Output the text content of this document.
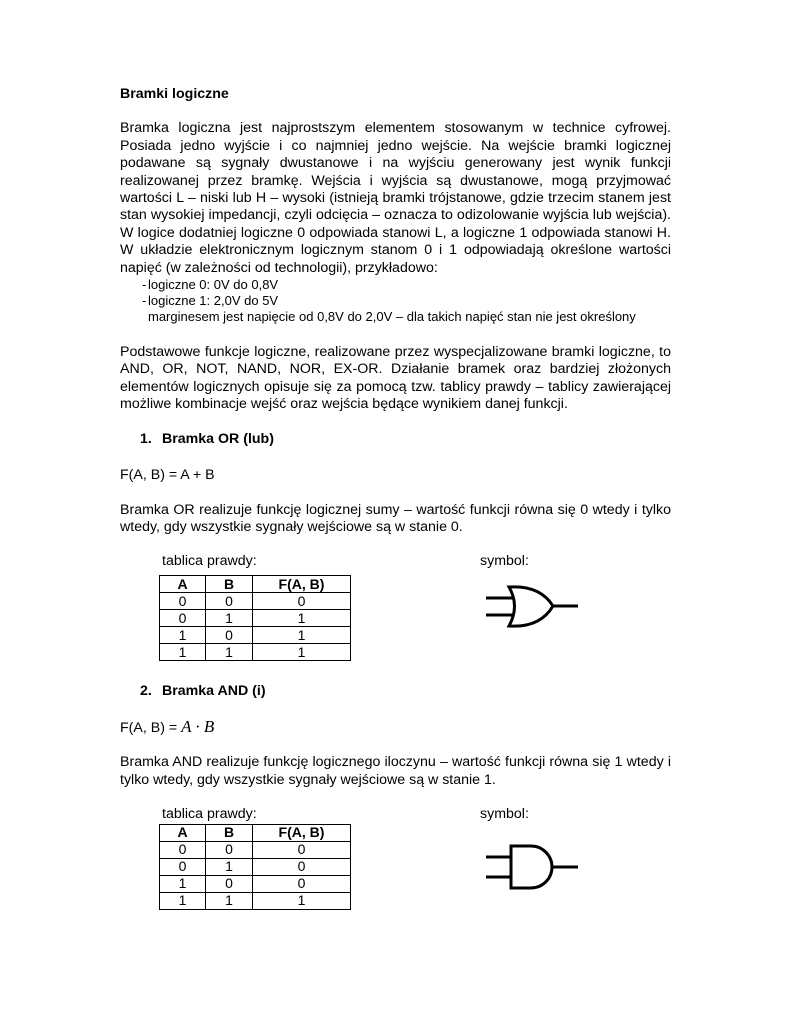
Bramki logiczne

Bramka logiczna jest najprostszym elementem stosowanym w technice cyfrowej. Posiada jedno wyjście i co najmniej jedno wejście. Na wejście bramki logicznej podawane są sygnały dwustanowe i na wyjściu generowany jest wynik funkcji realizowanej przez bramkę. Wejścia i wyjścia są dwustanowe, mogą przyjmować wartości L – niski lub H – wysoki (istnieją bramki trójstanowe, gdzie trzecim stanem jest stan wysokiej impedancji, czyli odcięcia – oznacza to odizolowanie wyjścia lub wejścia). W logice dodatniej logiczne 0 odpowiada stanowi L, a logiczne 1 odpowiada stanowi H. W układzie elektronicznym logicznym stanom 0 i 1 odpowiadają określone wartości napięć (w zależności od technologii), przykładowo:

- logiczne 0: 0V do 0,8V
- logiczne 1: 2,0V do 5V
marginesem jest napięcie od 0,8V do 2,0V – dla takich napięć stan nie jest określony

Podstawowe funkcje logiczne, realizowane przez wyspecjalizowane bramki logiczne, to AND, OR, NOT, NAND, NOR, EX-OR. Działanie bramek oraz bardziej złożonych elementów logicznych opisuje się za pomocą tzw. tablicy prawdy – tablicy zawierającej możliwe kombinacje wejść oraz wejścia będące wynikiem danej funkcji.

1. Bramka OR (lub)

F(A, B) = A + B

Bramka OR realizuje funkcję logicznej sumy – wartość funkcji równa się 0 wtedy i tylko wtedy, gdy wszystkie sygnały wejściowe są w stanie 0.

tablica prawdy:	symbol:
A	B	F(A, B)
0	0	0
0	1	1
1	0	1
1	1	1

2. Bramka AND (i)

F(A, B) = A · B

Bramka AND realizuje funkcję logicznego iloczynu – wartość funkcji równa się 1 wtedy i tylko wtedy, gdy wszystkie sygnały wejściowe są w stanie 1.

tablica prawdy:	symbol:
A	B	F(A, B)
0	0	0
0	1	0
1	0	0
1	1	1
